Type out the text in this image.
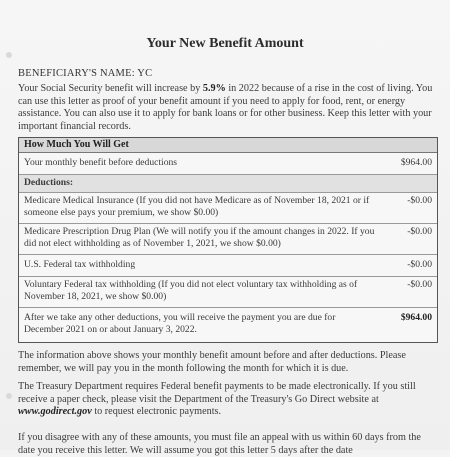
Your New Benefit Amount
BENEFICIARY'S NAME: YC
Your Social Security benefit will increase by 5.9% in 2022 because of a rise in the cost of living. You can use this letter as proof of your benefit amount if you need to apply for food, rent, or energy assistance. You can also use it to apply for bank loans or for other business. Keep this letter with your important financial records.
How Much You Will Get
Your monthly benefit before deductions	$964.00
Deductions:
Medicare Medical Insurance (If you did not have Medicare as of November 18, 2021 or if someone else pays your premium, we show $0.00)
-$0.00
Medicare Prescription Drug Plan (We will notify you if the amount changes in 2022. If you did not elect withholding as of November 1, 2021, we show $0.00)
-$0.00
U.S. Federal tax withholding	-$0.00
Voluntary Federal tax withholding (If you did not elect voluntary tax withholding as of November 18, 2021, we show $0.00)
-$0.00
After we take any other deductions, you will receive the payment you are due for December 2021 on or about January 3, 2022.
$964.00
The information above shows your monthly benefit amount before and after deductions. Please remember, we will pay you in the month following the month for which it is due.
The Treasury Department requires Federal benefit payments to be made electronically. If you still receive a paper check, please visit the Department of the Treasury's Go Direct website at www.godirect.gov to request electronic payments.
If you disagree with any of these amounts, you must file an appeal with us within 60 days from the date you receive this letter. We will assume you got this letter 5 days after the date
